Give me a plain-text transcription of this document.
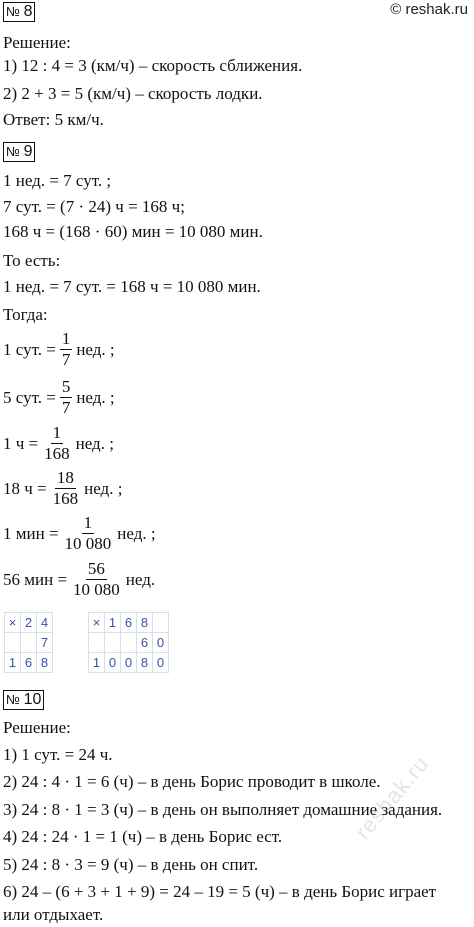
© reshak.ru
№ 8
Решение:
1) 12 : 4 = 3 (км/ч) – скорость сближения.
2) 2 + 3 = 5 (км/ч) – скорость лодки.
Ответ: 5 км/ч.
№ 9
1 нед. = 7 сут. ;
7 сут. = (7 · 24) ч = 168 ч;
168 ч = (168 · 60) мин = 10 080 мин.
То есть:
1 нед. = 7 сут. = 168 ч = 10 080 мин.
Тогда:
1 сут. = $\frac{1}{7}$ нед. ;
5 сут. = $\frac{5}{7}$ нед. ;
1 $ч = \frac{1}{168}$ нед. ;
18 $ч = \frac{18}{168}$ нед. ;
1 мин = $\frac{1}{10 080}$ нед. ;
56 мин = $\frac{56}{10 080}$ нед.
×	2	4
		7
1	6	8
×	1	6	8	
			6	0
1	0	0	8	0
№ 10
Решение:
1) 1 сут. = 24 ч.
2) 24 : 4 · 1 = 6 (ч) – в день Борис проводит в школе.
3) 24 : 8 · 1 = 3 (ч) – в день он выполняет домашние задания.
4) 24 : 24 · 1 = 1 (ч) – в день Борис ест.
5) 24 : 8 · 3 = 9 (ч) – в день он спит.
6) 24 – (6 + 3 + 1 + 9) = 24 – 19 = 5 (ч) – в день Борис играет
или отдыхает.
reshak.ru
